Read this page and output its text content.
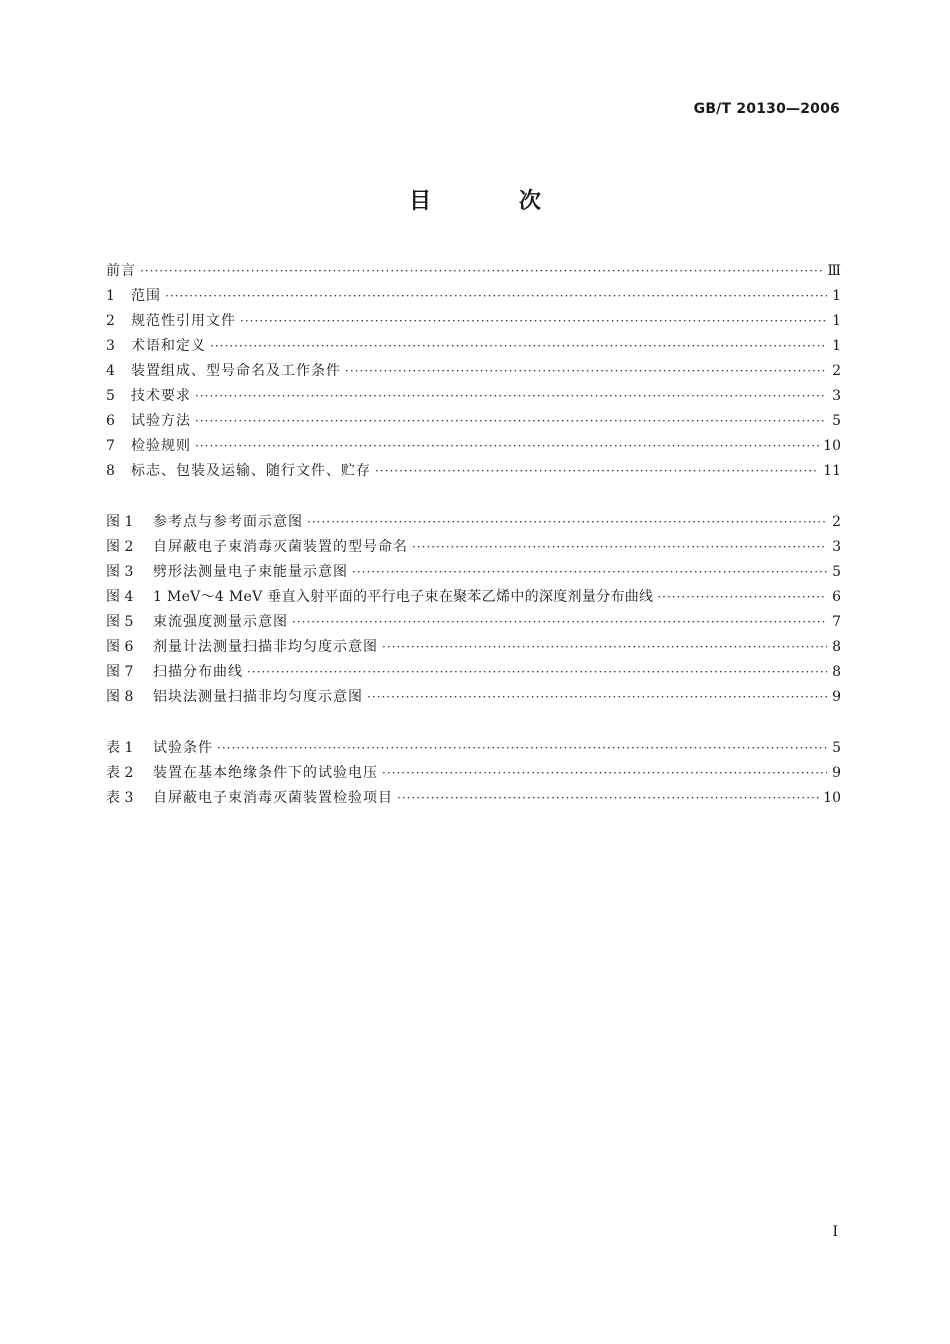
GB/T 20130—2006
目 次
前言 ·····	Ⅲ
1	范围 ·····	1
2	规范性引用文件 ·····	1
3	术语和定义 ·····	1
4	装置组成、型号命名及工作条件 ·····	2
5	技术要求 ·····	3
6	试验方法 ·····	5
7	检验规则 ·····	10
8	标志、包装及运输、随行文件、贮存 ·····	11
图 1	参考点与参考面示意图 ·····	2
图 2	自屏蔽电子束消毒灭菌装置的型号命名 ·····	3
图 3	劈形法测量电子束能量示意图 ·····	5
图 4	1 MeV～4 MeV 垂直入射平面的平行电子束在聚苯乙烯中的深度剂量分布曲线 ·····	6
图 5	束流强度测量示意图 ·····	7
图 6	剂量计法测量扫描非均匀度示意图 ·····	8
图 7	扫描分布曲线 ·····	8
图 8	铝块法测量扫描非均匀度示意图 ·····	9
表 1	试验条件 ·····	5
表 2	装置在基本绝缘条件下的试验电压 ·····	9
表 3	自屏蔽电子束消毒灭菌装置检验项目 ·····	10
I
